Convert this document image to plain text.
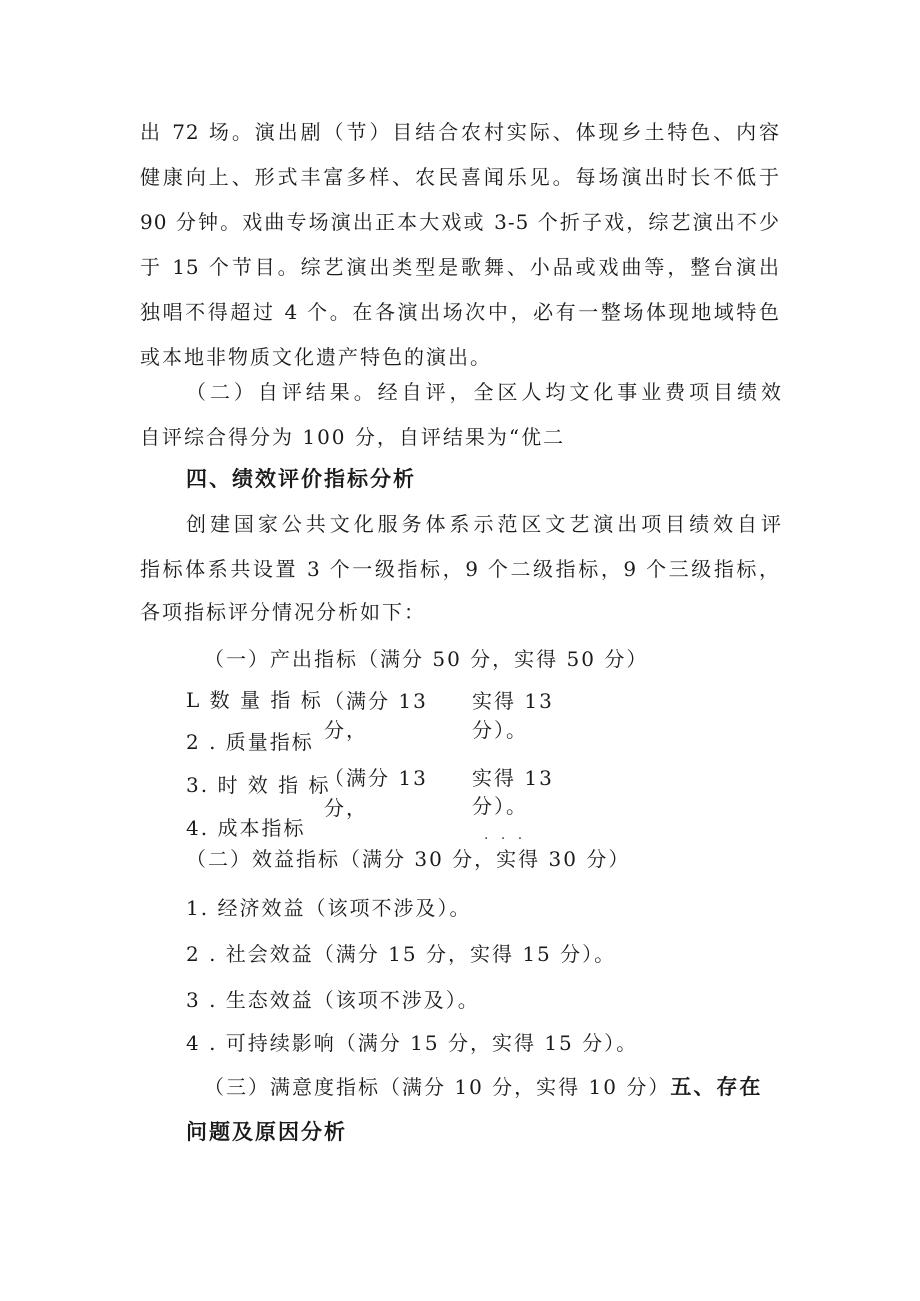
出 72 场。演出剧（节）目结合农村实际、体现乡土特色、内容
健康向上、形式丰富多样、农民喜闻乐见。每场演出时长不低于
90 分钟。戏曲专场演出正本大戏或 3-5 个折子戏，综艺演出不少
于 15 个节目。综艺演出类型是歌舞、小品或戏曲等，整台演出
独唱不得超过 4 个。在各演出场次中，必有一整场体现地域特色
或本地非物质文化遗产特色的演出。
（二）自评结果。经自评，全区人均文化事业费项目绩效
自评综合得分为 100 分，自评结果为“优二
四、绩效评价指标分析
创建国家公共文化服务体系示范区文艺演出项目绩效自评
指标体系共设置 3 个一级指标，9 个二级指标，9 个三级指标，
各项指标评分情况分析如下：
（一）产出指标（满分 50 分，实得 50 分）
L 数 量 指 标
2 . 质量指标
3. 时 效 指 标
4. 成本指标
（满分 13
分，
（满分 13
分，
实得 13
分）。
实得 13
分）。
· · ·
（二）效益指标（满分 30 分，实得 30 分）
1. 经济效益（该项不涉及）。
2 . 社会效益（满分 15 分，实得 15 分）。
3 . 生态效益（该项不涉及）。
4 . 可持续影响（满分 15 分，实得 15 分）。
（三）满意度指标（满分 10 分，实得 10 分）五、存在
问题及原因分析
